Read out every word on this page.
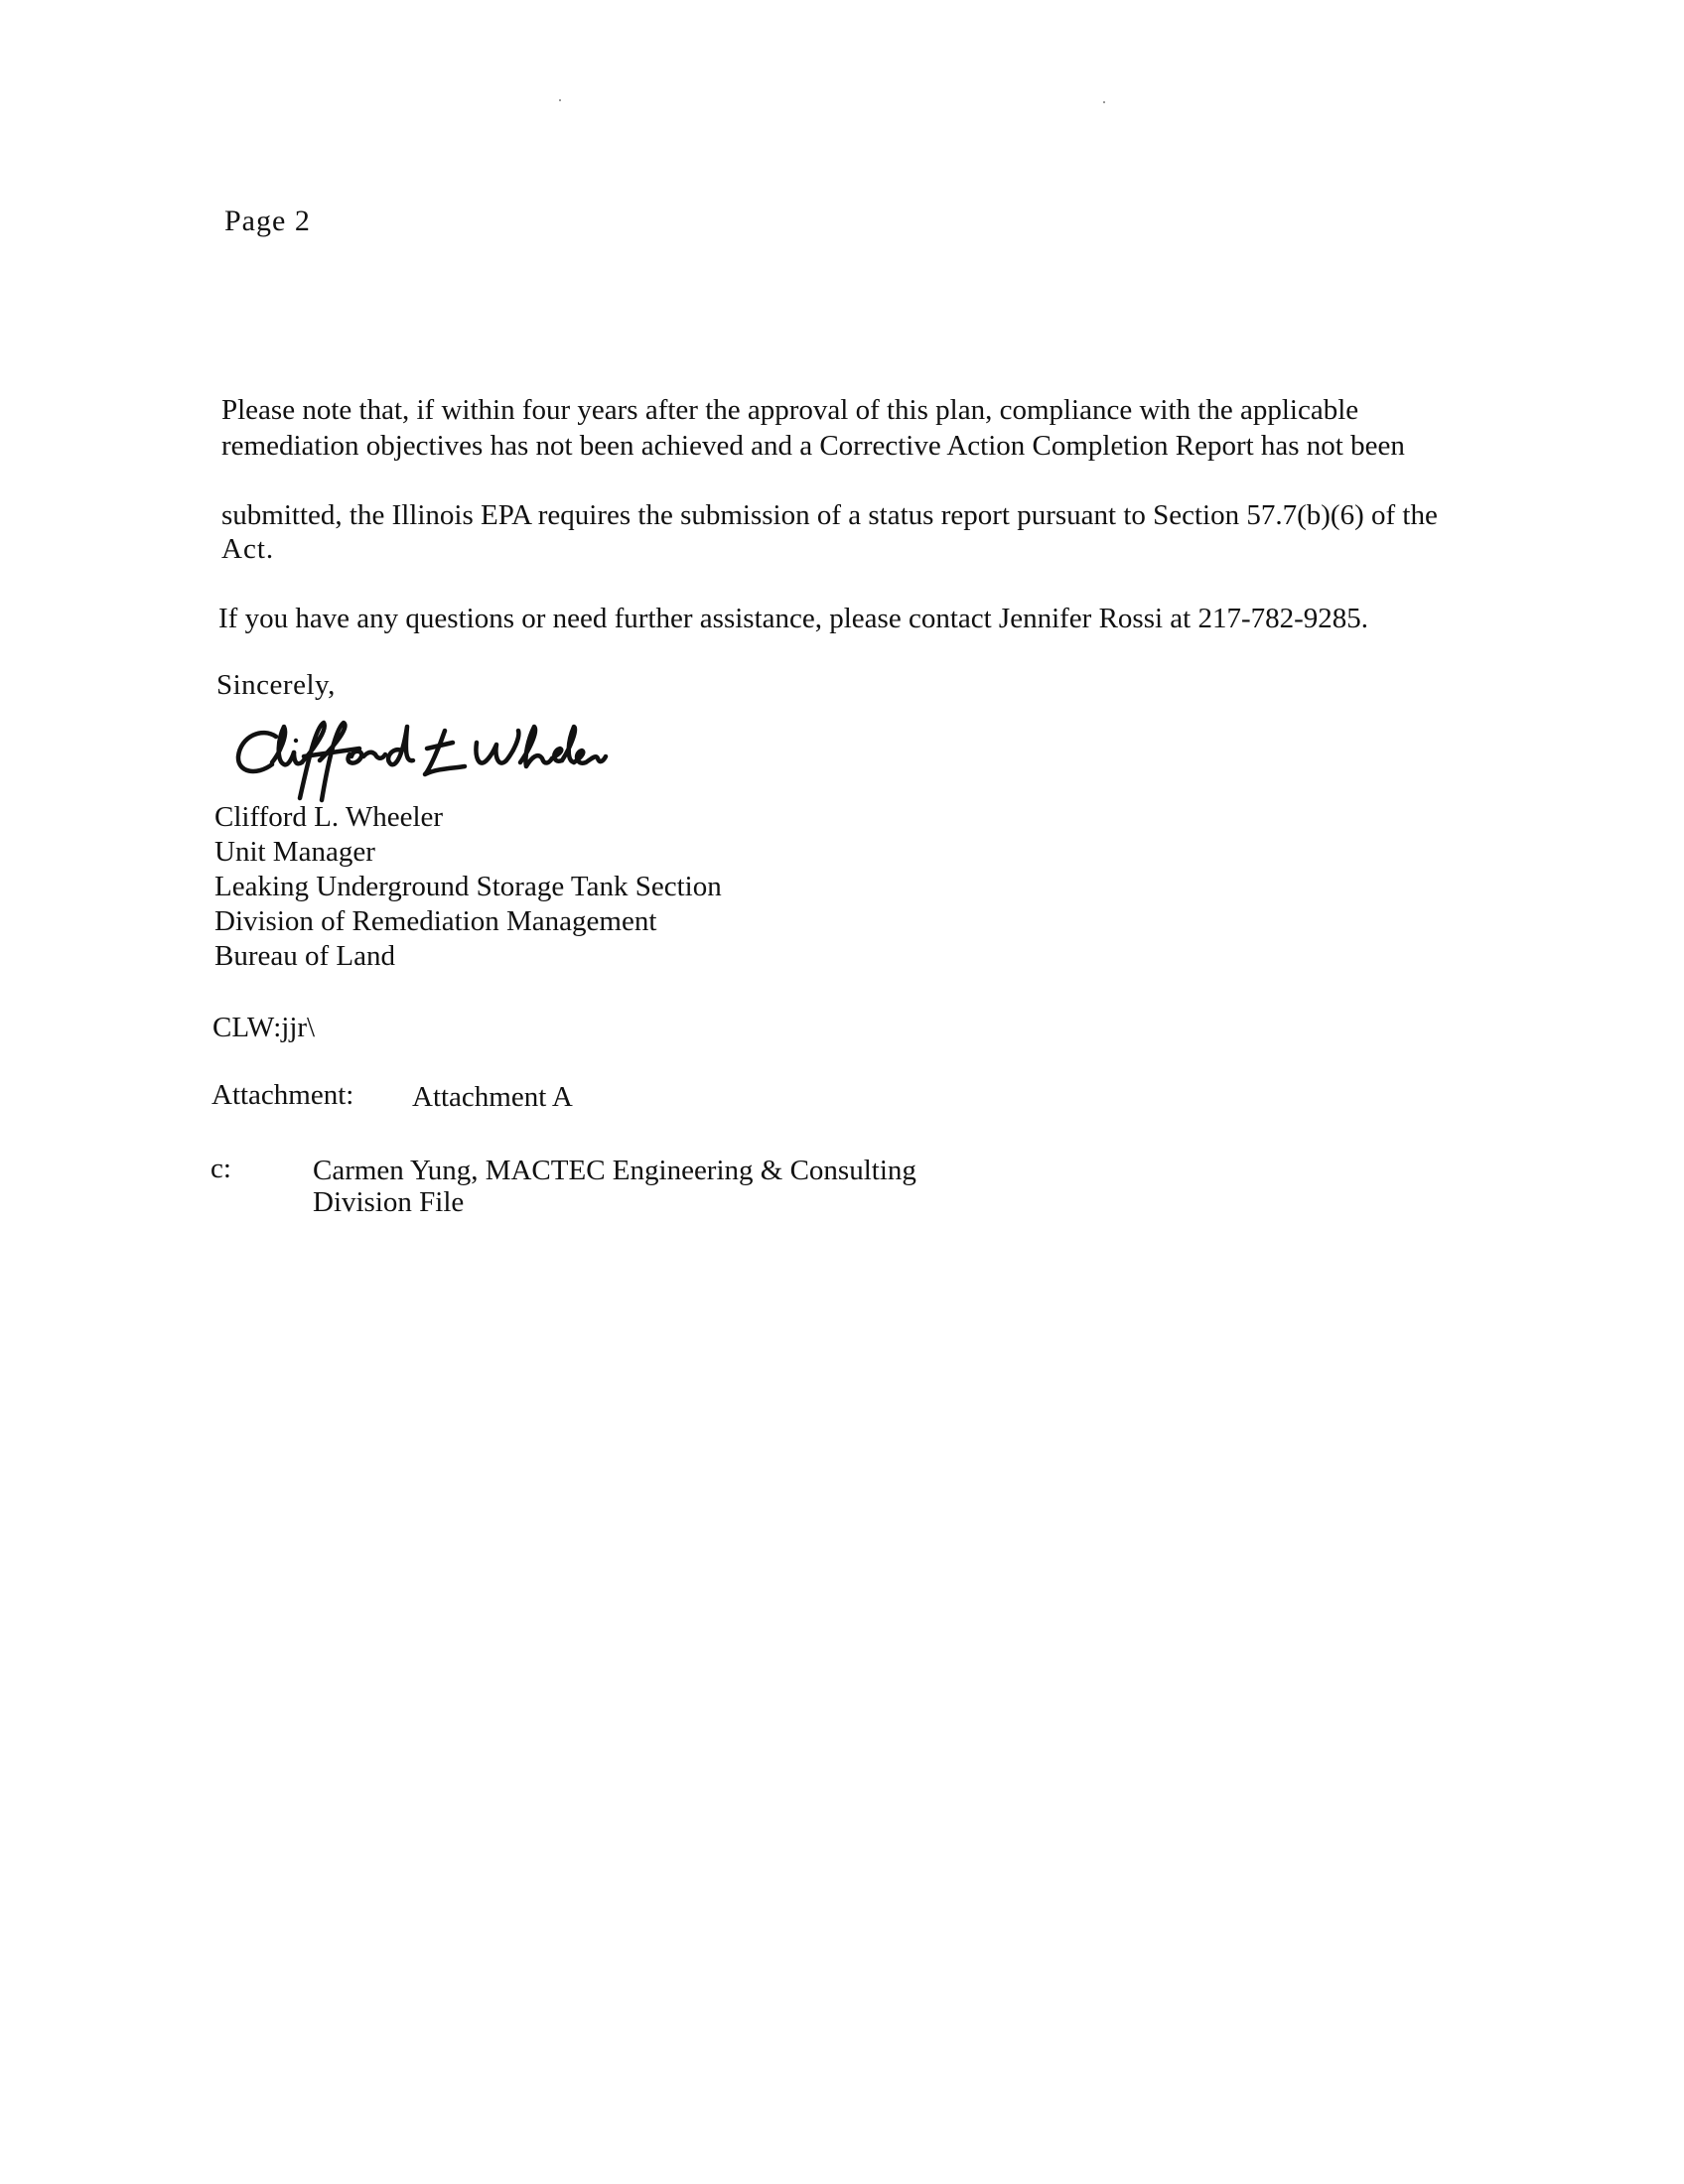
Page 2
Please note that, if within four years after the approval of this plan, compliance with the applicable
remediation objectives has not been achieved and a Corrective Action Completion Report has not been
submitted, the Illinois EPA requires the submission of a status report pursuant to Section 57.7(b)(6) of the
Act.
If you have any questions or need further assistance, please contact Jennifer Rossi at 217-782-9285.
Sincerely,
Clifford L. Wheeler
Unit Manager
Leaking Underground Storage Tank Section
Division of Remediation Management
Bureau of Land
CLW:jjr\
Attachment: Attachment A
c:	Carmen Yung, MACTEC Engineering & Consulting
Division File
